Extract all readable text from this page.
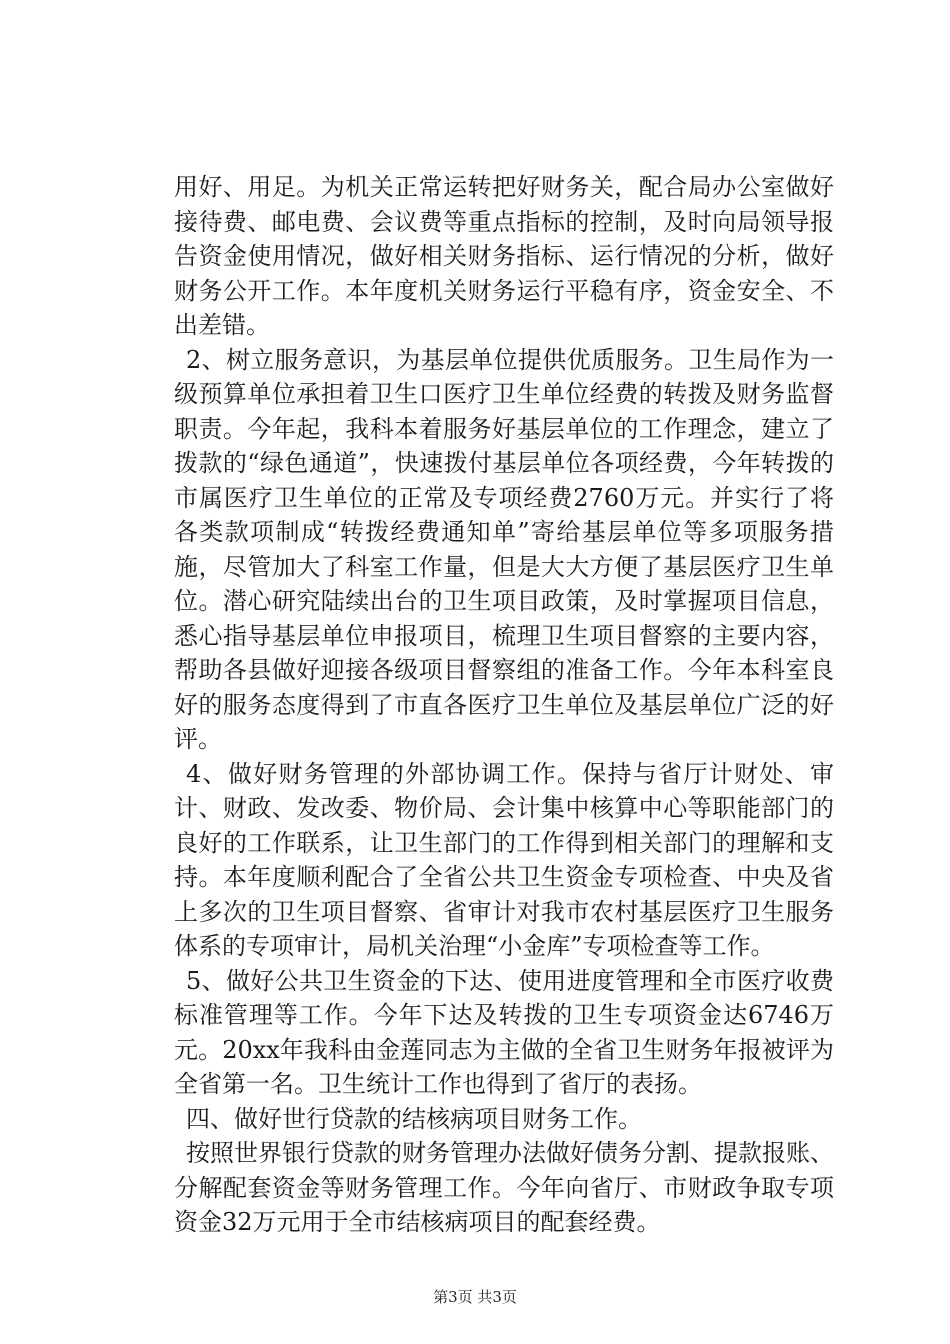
用好、用足。为机关正常运转把好财务关，配合局办公室做好接待费、邮电费、会议费等重点指标的控制，及时向局领导报告资金使用情况，做好相关财务指标、运行情况的分析，做好财务公开工作。本年度机关财务运行平稳有序，资金安全、不出差错。

2、树立服务意识，为基层单位提供优质服务。卫生局作为一级预算单位承担着卫生口医疗卫生单位经费的转拨及财务监督职责。今年起，我科本着服务好基层单位的工作理念，建立了拨款的“绿色通道”，快速拨付基层单位各项经费，今年转拨的市属医疗卫生单位的正常及专项经费2760万元。并实行了将各类款项制成“转拨经费通知单”寄给基层单位等多项服务措施，尽管加大了科室工作量，但是大大方便了基层医疗卫生单位。潜心研究陆续出台的卫生项目政策，及时掌握项目信息，悉心指导基层单位申报项目，梳理卫生项目督察的主要内容，帮助各县做好迎接各级项目督察组的准备工作。今年本科室良好的服务态度得到了市直各医疗卫生单位及基层单位广泛的好评。

4、做好财务管理的外部协调工作。保持与省厅计财处、审计、财政、发改委、物价局、会计集中核算中心等职能部门的良好的工作联系，让卫生部门的工作得到相关部门的理解和支持。本年度顺利配合了全省公共卫生资金专项检查、中央及省上多次的卫生项目督察、省审计对我市农村基层医疗卫生服务体系的专项审计，局机关治理“小金库”专项检查等工作。

5、做好公共卫生资金的下达、使用进度管理和全市医疗收费标准管理等工作。今年下达及转拨的卫生专项资金达6746万元。20xx年我科由金莲同志为主做的全省卫生财务年报被评为全省第一名。卫生统计工作也得到了省厅的表扬。

四、做好世行贷款的结核病项目财务工作。

按照世界银行贷款的财务管理办法做好债务分割、提款报账、分解配套资金等财务管理工作。今年向省厅、市财政争取专项资金32万元用于全市结核病项目的配套经费。

第3页 共3页
